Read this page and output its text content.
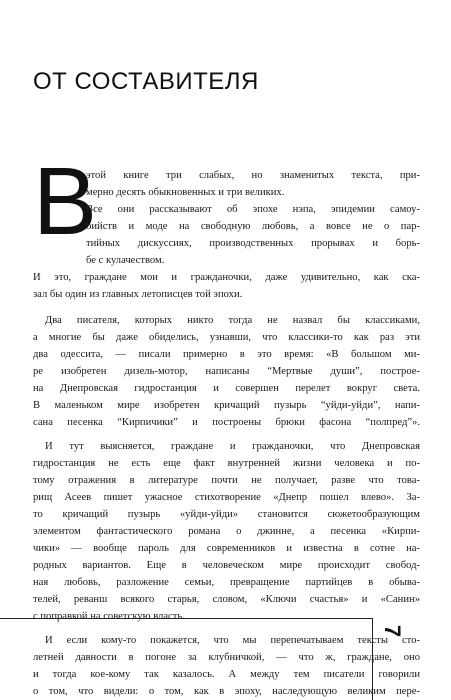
ОТ СОСТАВИТЕЛЯ
В
этой книге три слабых, но знаменитых текста, при-
мерно десять обыкновенных и три великих.
Все они рассказывают об эпохе нэпа, эпидемии самоу-
бийств и моде на свободную любовь, а вовсе не о пар-
тийных дискуссиях, производственных прорывах и борь-
бе с кулачеством.
И это, граждане мои и гражданочки, даже удивительно, как ска-
зал бы один из главных летописцев той эпохи.
Два писателя, которых никто тогда не назвал бы классиками,
а многие бы даже обиделись, узнавши, что классики-то как раз эти
два одессита, — писали примерно в это время: «В большом ми-
ре изобретен дизель-мотор, написаны “Мертвые души”, построе-
на Днепровская гидростанция и совершен перелет вокруг света.
В маленьком мире изобретен кричащий пузырь “уйди-уйди”, напи-
сана песенка “Кирпичики” и построены брюки фасона “полпред”».
И тут выясняется, граждане и гражданочки, что Днепровская
гидростанция не есть еще факт внутренней жизни человека и по-
тому отражения в литературе почти не получает, разве что това-
рищ Асеев пишет ужасное стихотворение «Днепр пошел влево». За-
то кричащий пузырь «уйди-уйди» становится сюжетообразующим
элементом фантастического романа о джинне, а песенка «Кирпи-
чики» — вообще пароль для современников и известна в сотне на-
родных вариантов. Еще в человеческом мире происходит свобод-
ная любовь, разложение семьи, превращение партийцев в обыва-
телей, реванш всякого старья, словом, «Ключи счастья» и «Санин»
с поправкой на советскую власть.
И если кому-то покажется, что мы перепечатываем тексты сто-
летней давности в погоне за клубничкой, — что ж, граждане, оно
и тогда кое-кому так казалось. А между тем писатели говорили
о том, что видели: о том, как в эпоху, наследующую великим пере-
7
